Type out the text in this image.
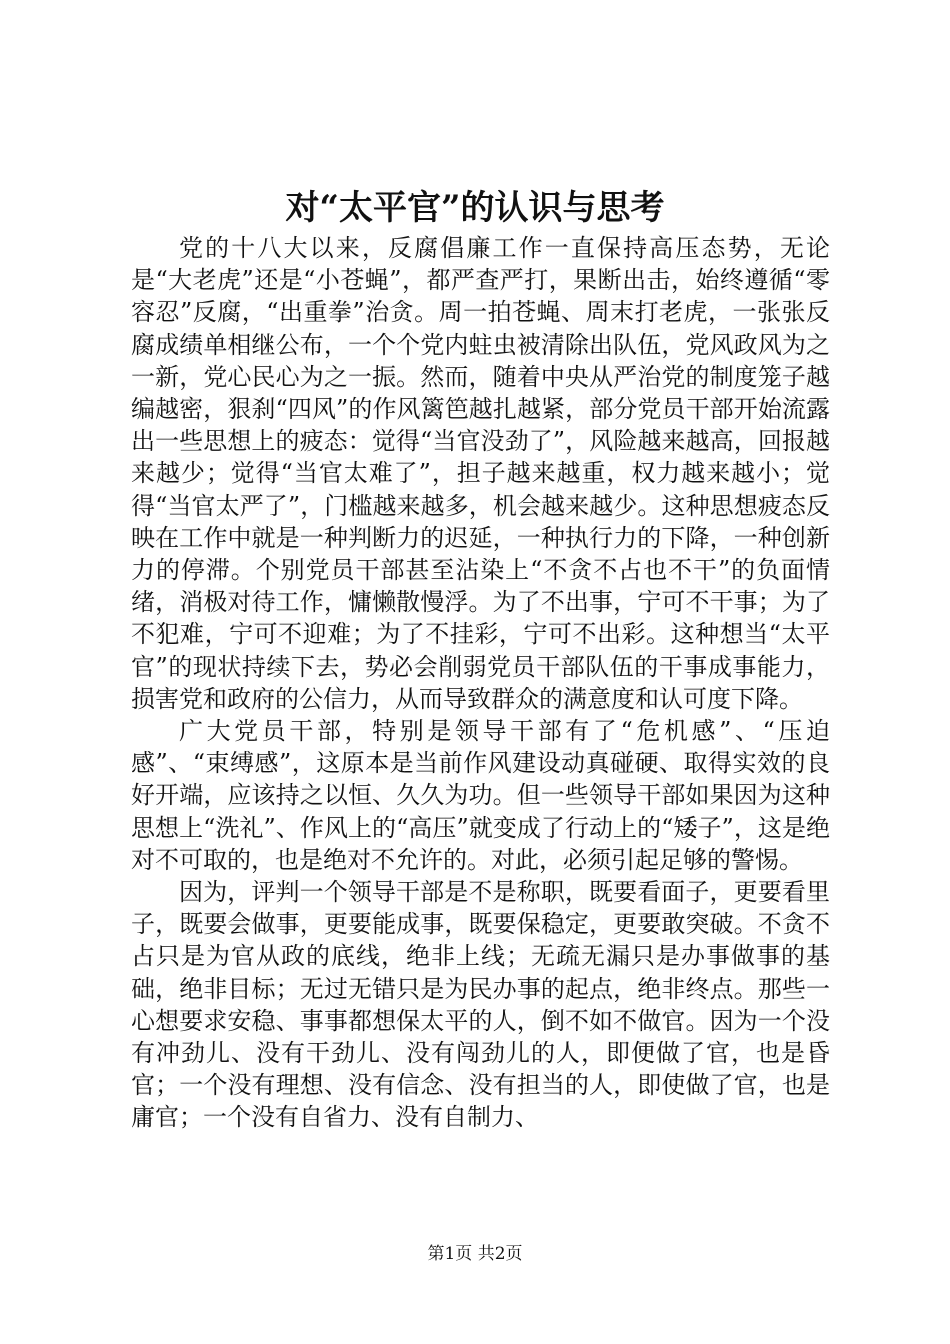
对“太平官”的认识与思考

党的十八大以来，反腐倡廉工作一直保持高压态势，无论是“大老虎”还是“小苍蝇”，都严查严打，果断出击，始终遵循“零容忍”反腐，“出重拳”治贪。周一拍苍蝇、周末打老虎，一张张反腐成绩单相继公布，一个个党内蛀虫被清除出队伍，党风政风为之一新，党心民心为之一振。然而，随着中央从严治党的制度笼子越编越密，狠刹“四风”的作风篱笆越扎越紧，部分党员干部开始流露出一些思想上的疲态：觉得“当官没劲了”，风险越来越高，回报越来越少；觉得“当官太难了”，担子越来越重，权力越来越小；觉得“当官太严了”，门槛越来越多，机会越来越少。这种思想疲态反映在工作中就是一种判断力的迟延，一种执行力的下降，一种创新力的停滞。个别党员干部甚至沾染上“不贪不占也不干”的负面情绪，消极对待工作，慵懒散慢浮。为了不出事，宁可不干事；为了不犯难，宁可不迎难；为了不挂彩，宁可不出彩。这种想当“太平官”的现状持续下去，势必会削弱党员干部队伍的干事成事能力，损害党和政府的公信力，从而导致群众的满意度和认可度下降。

广大党员干部，特别是领导干部有了“危机感”、“压迫感”、“束缚感”，这原本是当前作风建设动真碰硬、取得实效的良好开端，应该持之以恒、久久为功。但一些领导干部如果因为这种思想上“洗礼”、作风上的“高压”就变成了行动上的“矮子”，这是绝对不可取的，也是绝对不允许的。对此，必须引起足够的警惕。

因为，评判一个领导干部是不是称职，既要看面子，更要看里子，既要会做事，更要能成事，既要保稳定，更要敢突破。不贪不占只是为官从政的底线，绝非上线；无疏无漏只是办事做事的基础，绝非目标；无过无错只是为民办事的起点，绝非终点。那些一心想要求安稳、事事都想保太平的人，倒不如不做官。因为一个没有冲劲儿、没有干劲儿、没有闯劲儿的人，即便做了官，也是昏官；一个没有理想、没有信念、没有担当的人，即使做了官，也是庸官；一个没有自省力、没有自制力、

第1页 共2页
